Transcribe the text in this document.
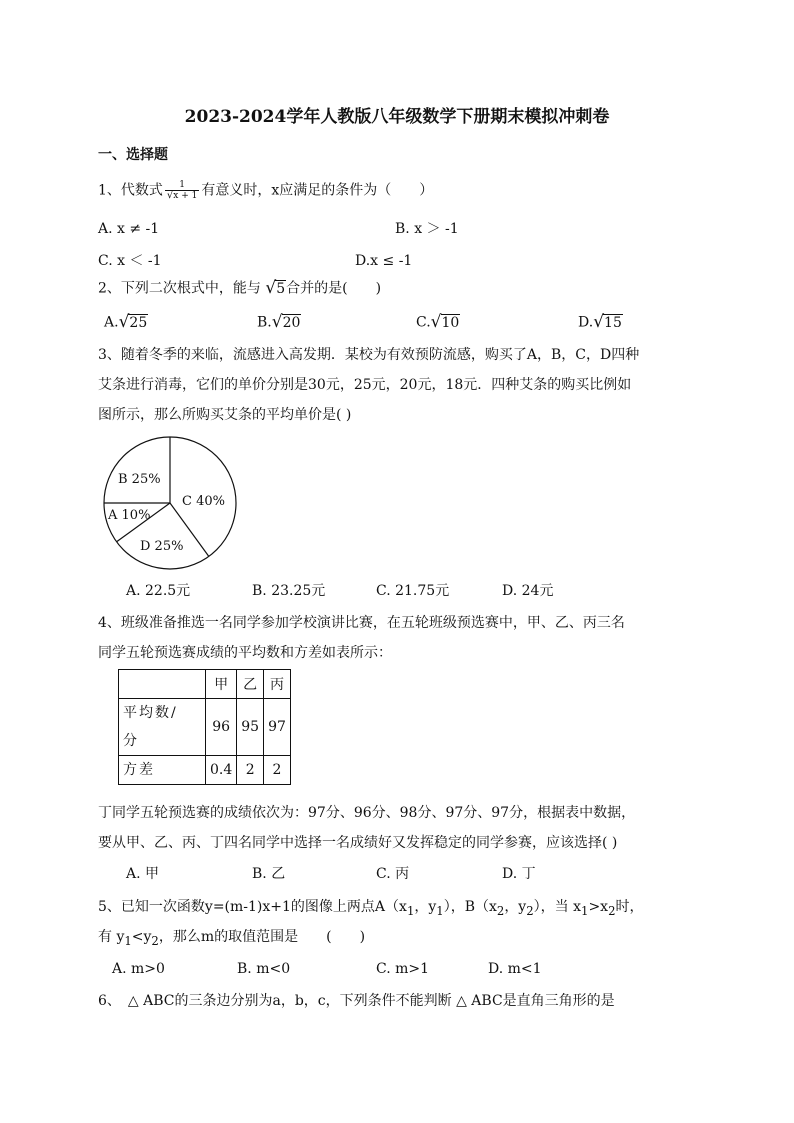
2023-2024学年人教版八年级数学下册期末模拟冲刺卷
一、选择题
1、代数式 $\frac{1}{√x + 1}$ 有意义时，x应满足的条件为（　　）
A. x ≠ -1	B. x ＞ -1
C. x ＜ -1	D.x ≤ -1
2、下列二次根式中，能与 √5合并的是(　　)
A.√25	B.√20	C.√10	D.√15
3、随着冬季的来临，流感进入高发期．某校为有效预防流感，购买了A，B，C，D四种
艾条进行消毒，它们的单价分别是30元，25元，20元，18元．四种艾条的购买比例如
图所示，那么所购买艾条的平均单价是( )
C 40%
D 25%
A 10%
B 25%
A. 22.5元	B. 23.25元	C. 21.75元	D. 24元
4、班级准备推选一名同学参加学校演讲比赛，在五轮班级预选赛中，甲、乙、丙三名
同学五轮预选赛成绩的平均数和方差如表所示：
	甲	乙	丙
平均数/
分	96	95	97
方差	0.4	2	2
丁同学五轮预选赛的成绩依次为：97分、96分、98分、97分、97分，根据表中数据，
要从甲、乙、丙、丁四名同学中选择一名成绩好又发挥稳定的同学参赛，应该选择( )
A. 甲	B. 乙	C. 丙	D. 丁
5、已知一次函数y=(m-1)x+1的图像上两点$A(x_1$，$y_1$），$B(x_2$，$y_2$），当 $x_1>x_2$时，
有 $y_1<y_2$，那么m的取值范围是　　(　　)
A. m>0	B. m<0	C. m>1	D. m<1
6、　△ ABC的三条边分别为a，b，c，下列条件不能判断 △ ABC是直角三角形的是
